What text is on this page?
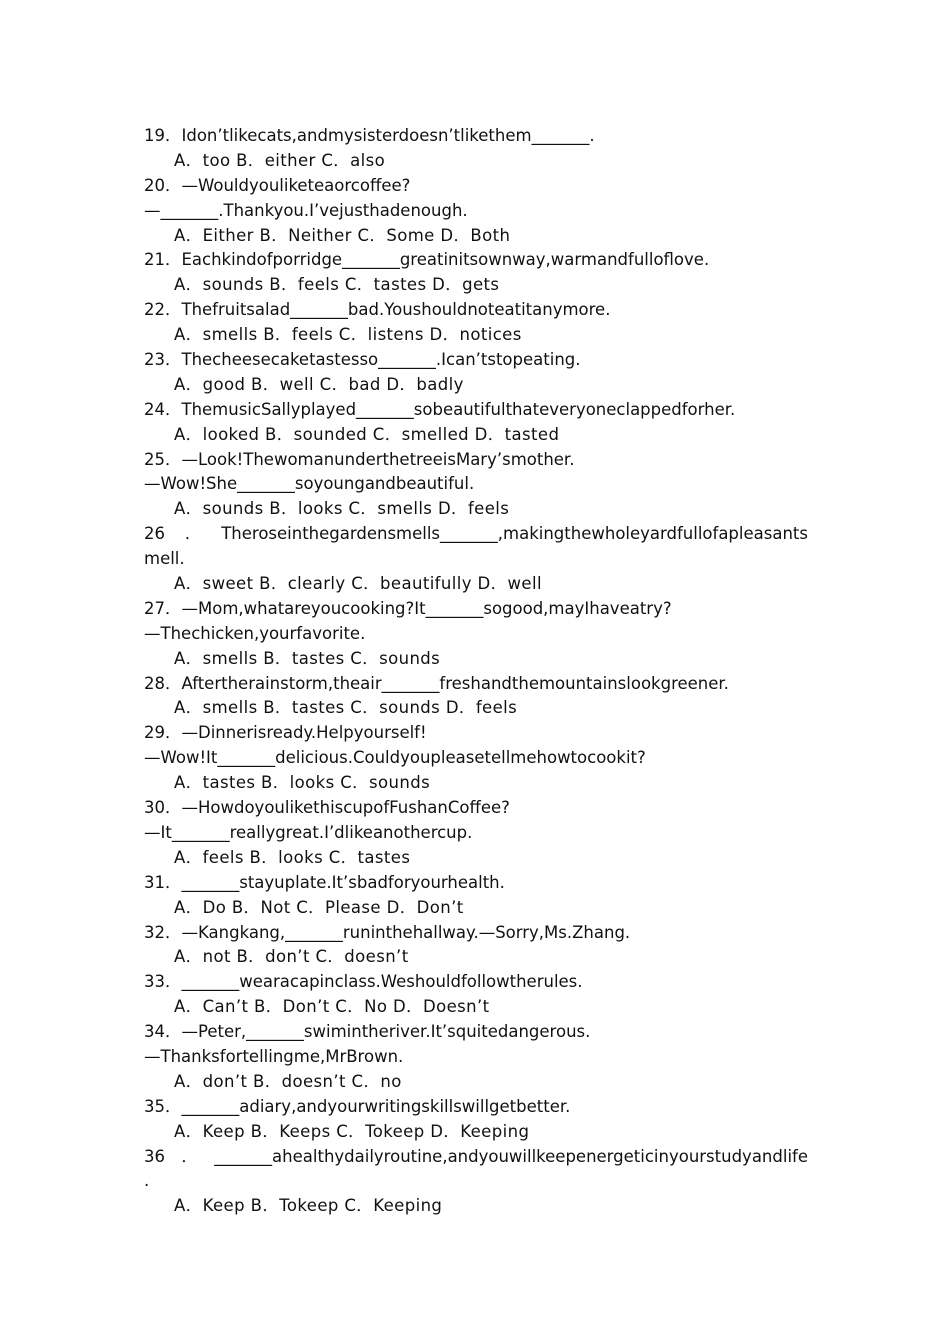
19．Idon’tlikecats,andmysisterdoesn’tlikethem_______.
A．too B．either C．also
20．—Wouldyouliketeaorcoffee?
—_______.Thankyou.I’vejusthadenough.
A．Either B．Neither C．Some D．Both
21．Eachkindofporridge_______greatinitsownway,warmandfulloflove.
A．sounds B．feels C．tastes D．gets
22．Thefruitsalad_______bad.Youshouldnoteatitanymore.
A．smells B．feels C．listens D．notices
23．Thecheesecaketastesso_______.Ican’tstopeating.
A．good B．well C．bad D．badly
24．ThemusicSallyplayed_______sobeautifulthateveryoneclappedforher.
A．looked B．sounded C．smelled D．tasted
25．—Look!ThewomanunderthetreeisMary’smother.
—Wow!She_______soyoungandbeautiful.
A．sounds B．looks C．smells D．feels
26．Theroseinthegardensmells_______,makingthewholeyardfullofapleasants
mell.
A．sweet B．clearly C．beautifully D．well
27．—Mom,whatareyoucooking?It_______sogood,mayIhaveatry?
—Thechicken,yourfavorite.
A．smells B．tastes C．sounds
28．Aftertherainstorm,theair_______freshandthemountainslookgreener.
A．smells B．tastes C．sounds D．feels
29．—Dinnerisready.Helpyourself!
—Wow!It_______delicious.Couldyoupleasetellmehowtocookit?
A．tastes B．looks C．sounds
30．—HowdoyoulikethiscupofFushanCoffee?
—It_______reallygreat.I’dlikeanothercup.
A．feels B．looks C．tastes
31．_______stayuplate.It’sbadforyourhealth.
A．Do B．Not C．Please D．Don’t
32．—Kangkang,_______runinthehallway.—Sorry,Ms.Zhang.
A．not B．don’t C．doesn’t
33．_______wearacapinclass.Weshouldfollowtherules.
A．Can’t B．Don’t C．No D．Doesn’t
34．—Peter,_______swimintheriver.It’squitedangerous.
—Thanksfortellingme,MrBrown.
A．don’t B．doesn’t C．no
35．_______adiary,andyourwritingskillswillgetbetter.
A．Keep B．Keeps C．Tokeep D．Keeping
36．_______ahealthydailyroutine,andyouwillkeepenergeticinyourstudyandlife
.
A．Keep B．Tokeep C．Keeping
